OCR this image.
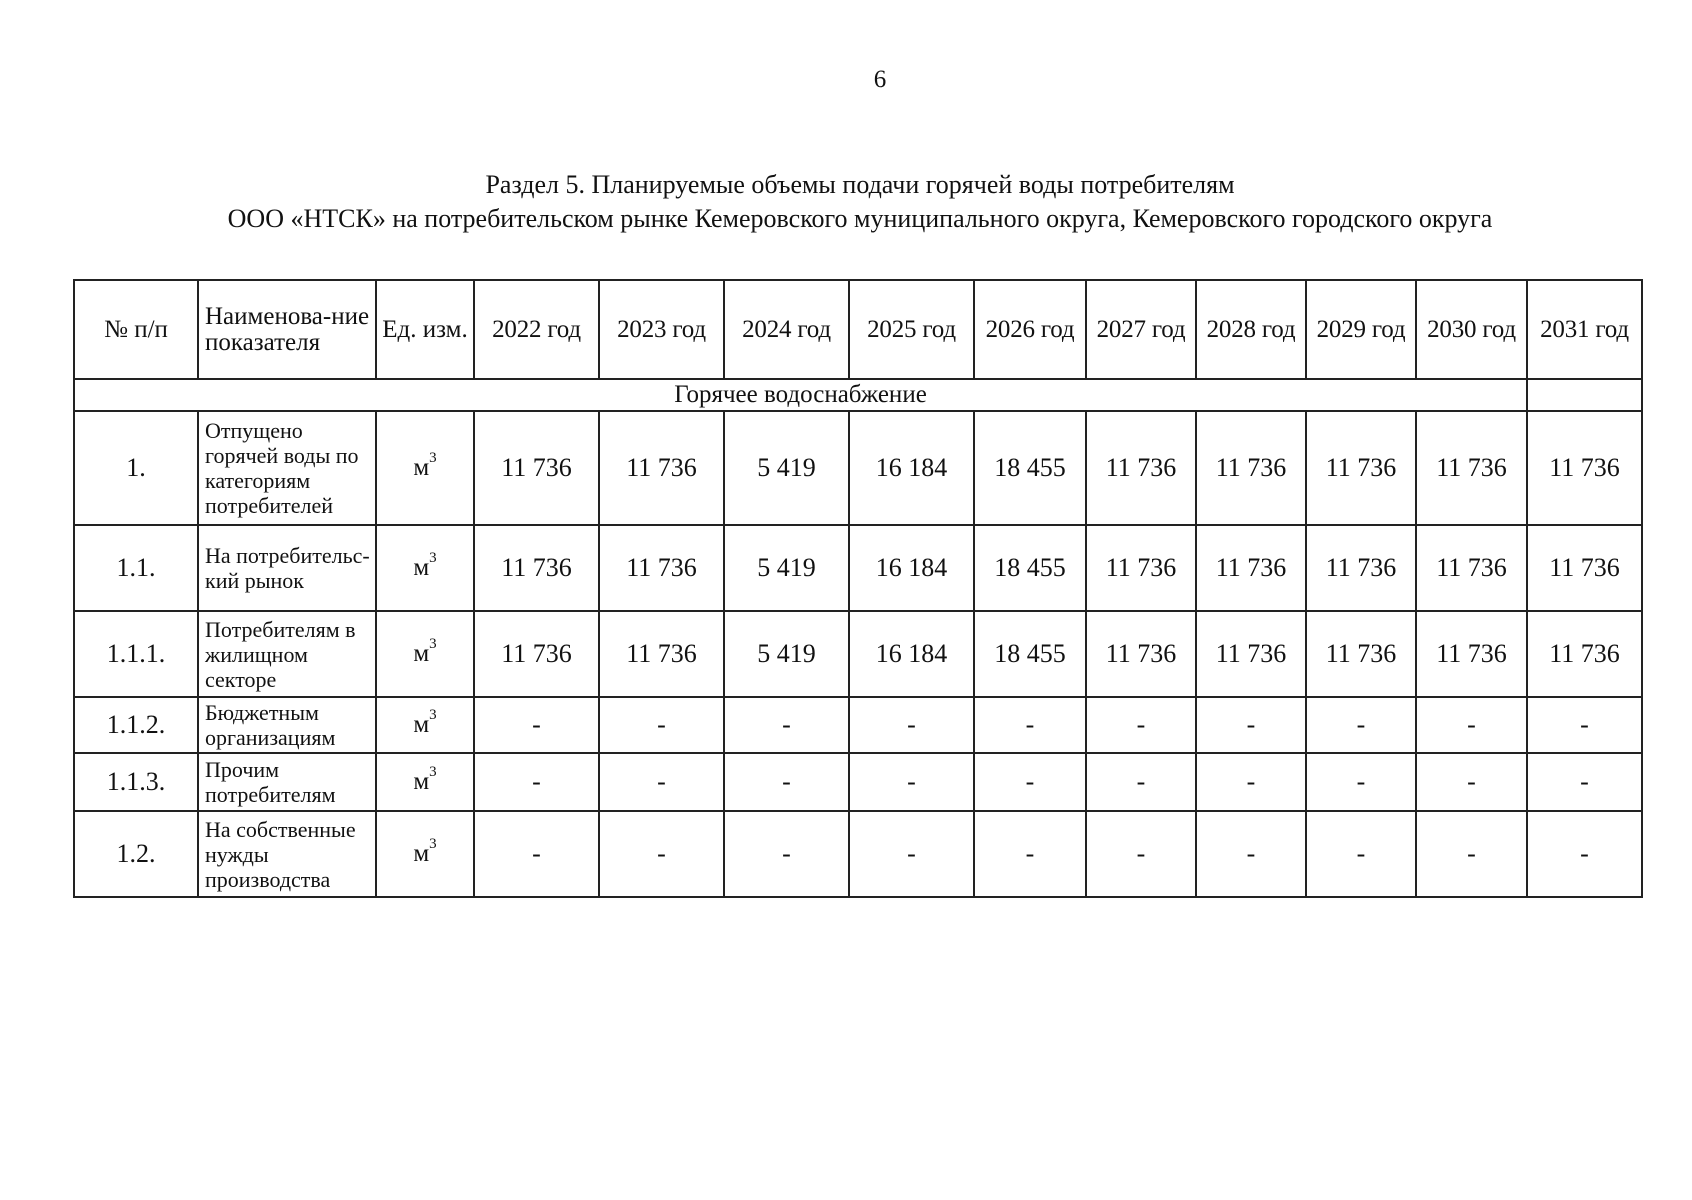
6
Раздел 5. Планируемые объемы подачи горячей воды потребителям
ООО «НТСК» на потребительском рынке Кемеровского муниципального округа, Кемеровского городского округа
№ п/п	Наименова-ние показателя	Ед. изм.	2022 год	2023 год	2024 год	2025 год	2026 год	2027 год	2028 год	2029 год	2030 год	2031 год
Горячее водоснабжение												
1.	Отпущено горячей воды по категориям потребителей	$м^3$	11 736	11 736	5 419	16 184	18 455	11 736	11 736	11 736	11 736	11 736
1.1.	На потребительс-кий рынок	$м^3$	11 736	11 736	5 419	16 184	18 455	11 736	11 736	11 736	11 736	11 736
1.1.1.	Потребителям в жилищном секторе	$м^3$	11 736	11 736	5 419	16 184	18 455	11 736	11 736	11 736	11 736	11 736
1.1.2.	Бюджетным организациям	$м^3$	-	-	-	-	-	-	-	-	-	-
1.1.3.	Прочим потребителям	$м^3$	-	-	-	-	-	-	-	-	-	-
1.2.	На собственные нужды производства	$м^3$	-	-	-	-	-	-	-	-	-	-
